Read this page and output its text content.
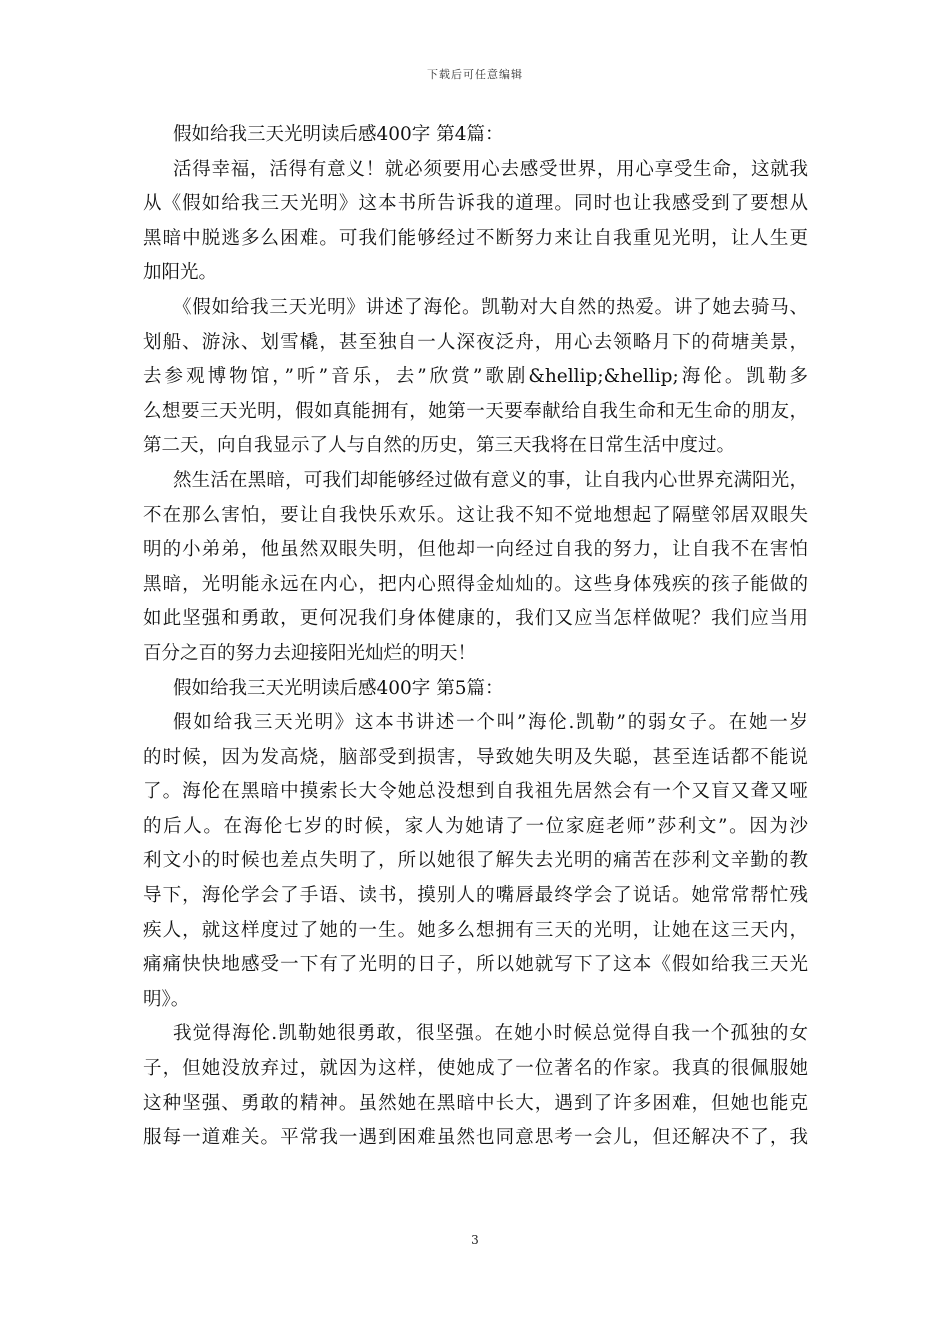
下载后可任意编辑
假如给我三天光明读后感400字 第4篇：
活得幸福，活得有意义！就必须要用心去感受世界，用心享受生命，这就我
从《假如给我三天光明》这本书所告诉我的道理。同时也让我感受到了要想从
黑暗中脱逃多么困难。可我们能够经过不断努力来让自我重见光明，让人生更
加阳光。
《假如给我三天光明》讲述了海伦。凯勒对大自然的热爱。讲了她去骑马、
划船、游泳、划雪橇，甚至独自一人深夜泛舟，用心去领略月下的荷塘美景，
去参观博物馆，”听”音乐，去”欣赏”歌剧&hellip;&hellip;海伦。凯勒多
么想要三天光明，假如真能拥有，她第一天要奉献给自我生命和无生命的朋友，
第二天，向自我显示了人与自然的历史，第三天我将在日常生活中度过。
然生活在黑暗，可我们却能够经过做有意义的事，让自我内心世界充满阳光，
不在那么害怕，要让自我快乐欢乐。这让我不知不觉地想起了隔壁邻居双眼失
明的小弟弟，他虽然双眼失明，但他却一向经过自我的努力，让自我不在害怕
黑暗，光明能永远在内心，把内心照得金灿灿的。这些身体残疾的孩子能做的
如此坚强和勇敢，更何况我们身体健康的，我们又应当怎样做呢？我们应当用
百分之百的努力去迎接阳光灿烂的明天！
假如给我三天光明读后感400字 第5篇：
假如给我三天光明》这本书讲述一个叫”海伦.凯勒”的弱女子。在她一岁
的时候，因为发高烧，脑部受到损害，导致她失明及失聪，甚至连话都不能说
了。海伦在黑暗中摸索长大令她总没想到自我祖先居然会有一个又盲又聋又哑
的后人。在海伦七岁的时候，家人为她请了一位家庭老师”莎利文”。因为沙
利文小的时候也差点失明了，所以她很了解失去光明的痛苦在莎利文辛勤的教
导下，海伦学会了手语、读书，摸别人的嘴唇最终学会了说话。她常常帮忙残
疾人，就这样度过了她的一生。她多么想拥有三天的光明，让她在这三天内，
痛痛快快地感受一下有了光明的日子，所以她就写下了这本《假如给我三天光
明》。
我觉得海伦.凯勒她很勇敢，很坚强。在她小时候总觉得自我一个孤独的女
子，但她没放弃过，就因为这样，使她成了一位著名的作家。我真的很佩服她
这种坚强、勇敢的精神。虽然她在黑暗中长大，遇到了许多困难，但她也能克
服每一道难关。平常我一遇到困难虽然也同意思考一会儿，但还解决不了，我
3
